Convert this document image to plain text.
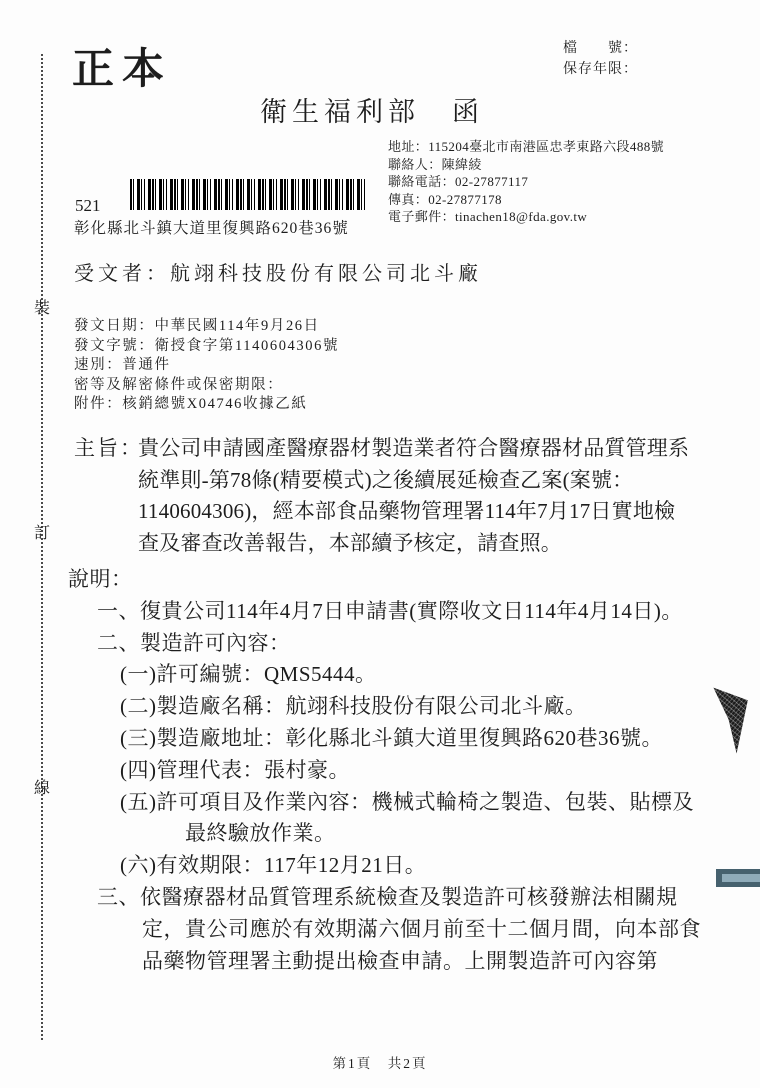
裝
訂
線
正本	檔　　號：
保存年限：
衛生福利部　函
地址：115204臺北市南港區忠孝東路六段488號
聯絡人：陳緯綾
聯絡電話：02-27877117
傳真：02-27877178
電子郵件：tinachen18@fda.gov.tw
521
彰化縣北斗鎮大道里復興路620巷36號
受文者：航翊科技股份有限公司北斗廠
發文日期：中華民國114年9月26日
發文字號：衛授食字第1140604306號
速別：普通件
密等及解密條件或保密期限：
附件：核銷總號X04746收據乙紙
主旨：
貴公司申請國產醫療器材製造業者符合醫療器材品質管理系
統準則-第78條(精要模式)之後續展延檢查乙案(案號：
1140604306)，經本部食品藥物管理署114年7月17日實地檢
查及審查改善報告，本部續予核定，請查照。
說明：
一、復貴公司114年4月7日申請書(實際收文日114年4月14日)。
二、製造許可內容：
(一)許可編號：QMS5444。
(二)製造廠名稱：航翊科技股份有限公司北斗廠。
(三)製造廠地址：彰化縣北斗鎮大道里復興路620巷36號。
(四)管理代表：張村豪。
(五)許可項目及作業內容：機械式輪椅之製造、包裝、貼標及
最終驗放作業。
(六)有效期限：117年12月21日。
三、依醫療器材品質管理系統檢查及製造許可核發辦法相關規
定，貴公司應於有效期滿六個月前至十二個月間，向本部食
品藥物管理署主動提出檢查申請。上開製造許可內容第
第1頁　共2頁
